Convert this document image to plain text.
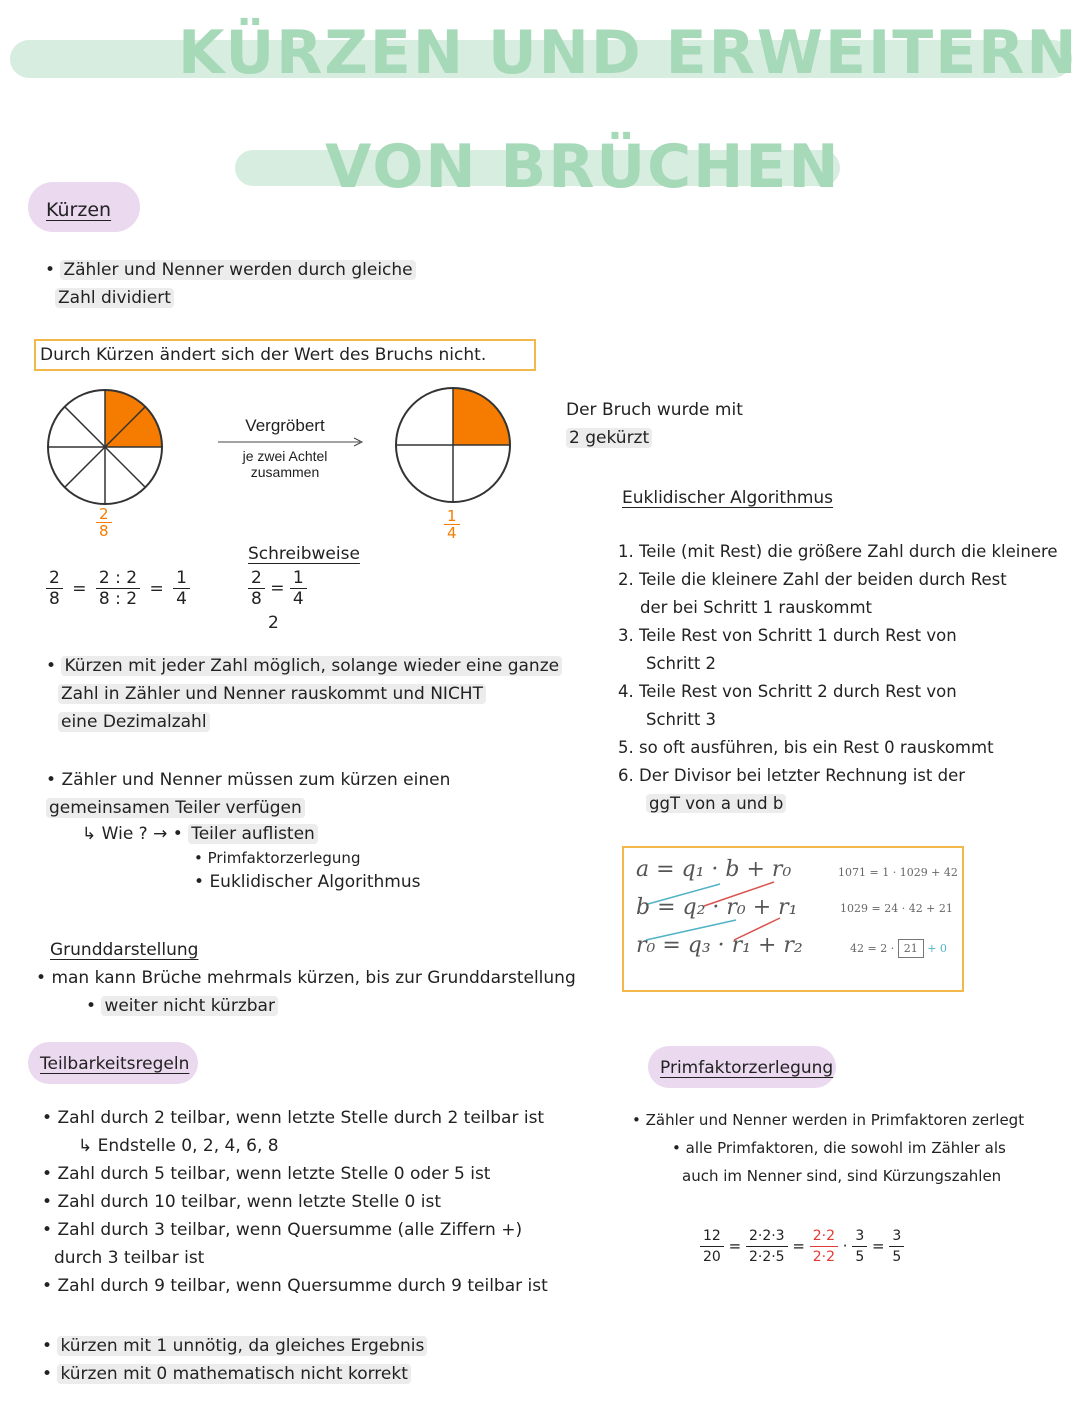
KÜRZEN UND ERWEITERN
VON BRÜCHEN
Kürzen
• Zähler und Nenner werden durch gleiche
Zahl dividiert
Durch Kürzen ändert sich der Wert des Bruchs nicht.
Vergröbert
je zwei Achtel
zusammen
$\frac{2}{8}$	$\frac{1}{4}$
Der Bruch wurde mit
2 gekürzt
$\frac{2}{8} = \frac{2 : 2}{8 : 2} = \frac{1}{4}$
Schreibweise
$\frac{2}{8} = \frac{1}{4}$
2
• Kürzen mit jeder Zahl möglich, solange wieder eine ganze
Zahl in Zähler und Nenner rauskommt und NICHT
eine Dezimalzahl
• Zähler und Nenner müssen zum kürzen einen
gemeinsamen Teiler verfügen
↳ Wie ? → • Teiler auflisten
• Primfaktorzerlegung
• Euklidischer Algorithmus
Grunddarstellung
• man kann Brüche mehrmals kürzen, bis zur Grunddarstellung
• weiter nicht kürzbar
Teilbarkeitsregeln
• Zahl durch 2 teilbar, wenn letzte Stelle durch 2 teilbar ist
↳ Endstelle 0, 2, 4, 6, 8
• Zahl durch 5 teilbar, wenn letzte Stelle 0 oder 5 ist
• Zahl durch 10 teilbar, wenn letzte Stelle 0 ist
• Zahl durch 3 teilbar, wenn Quersumme (alle Ziffern +)
durch 3 teilbar ist
• Zahl durch 9 teilbar, wenn Quersumme durch 9 teilbar ist
• kürzen mit 1 unnötig, da gleiches Ergebnis
• kürzen mit 0 mathematisch nicht korrekt
Euklidischer Algorithmus
1. Teile (mit Rest) die größere Zahl durch die kleinere
2. Teile die kleinere Zahl der beiden durch Rest
der bei Schritt 1 rauskommt
3. Teile Rest von Schritt 1 durch Rest von
Schritt 2
4. Teile Rest von Schritt 2 durch Rest von
Schritt 3
5. so oft ausführen, bis ein Rest 0 rauskommt
6. Der Divisor bei letzter Rechnung ist der
ggT von a und b
a = q₁ · b + r₀
b = q₂ · r₀ + r₁
r₀ = q₃ · r₁ + r₂
1071 = 1 · 1029 + 42
1029 = 24 · 42 + 21
42 = 2 · 21 + 0
Primfaktorzerlegung
• Zähler und Nenner werden in Primfaktoren zerlegt
• alle Primfaktoren, die sowohl im Zähler als
auch im Nenner sind, sind Kürzungszahlen
$\frac{12}{20} = \frac{2\cdot 2\cdot 3}{2\cdot 2\cdot 5} = \frac{2\cdot 2}{2\cdot 2} \cdot \frac{3}{5} = \frac{3}{5}$
